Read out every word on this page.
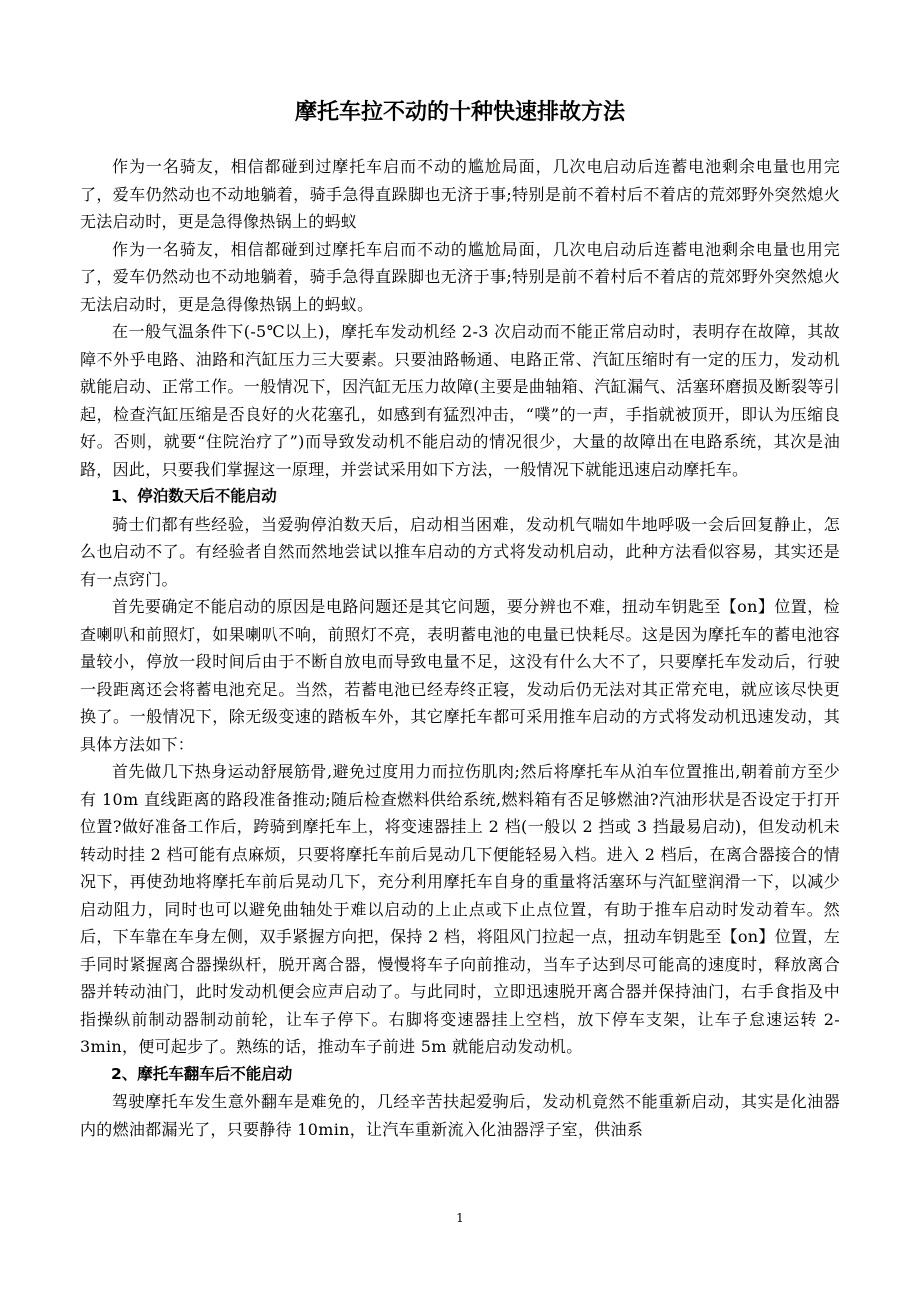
摩托车拉不动的十种快速排故方法

作为一名骑友，相信都碰到过摩托车启而不动的尴尬局面，几次电启动后连蓄电池剩余电量也用完了，爱车仍然动也不动地躺着，骑手急得直跺脚也无济于事;特别是前不着村后不着店的荒郊野外突然熄火无法启动时，更是急得像热锅上的蚂蚁

作为一名骑友，相信都碰到过摩托车启而不动的尴尬局面，几次电启动后连蓄电池剩余电量也用完了，爱车仍然动也不动地躺着，骑手急得直跺脚也无济于事;特别是前不着村后不着店的荒郊野外突然熄火无法启动时，更是急得像热锅上的蚂蚁。

在一般气温条件下(-5℃以上)，摩托车发动机经 2-3 次启动而不能正常启动时，表明存在故障，其故障不外乎电路、油路和汽缸压力三大要素。只要油路畅通、电路正常、汽缸压缩时有一定的压力，发动机就能启动、正常工作。一般情况下，因汽缸无压力故障(主要是曲轴箱、汽缸漏气、活塞环磨损及断裂等引起，检查汽缸压缩是否良好的火花塞孔，如感到有猛烈冲击，“噗”的一声，手指就被顶开，即认为压缩良好。否则，就要“住院治疗了”)而导致发动机不能启动的情况很少，大量的故障出在电路系统，其次是油路，因此，只要我们掌握这一原理，并尝试采用如下方法，一般情况下就能迅速启动摩托车。

1、停泊数天后不能启动

骑士们都有些经验，当爱驹停泊数天后，启动相当困难，发动机气喘如牛地呼吸一会后回复静止，怎么也启动不了。有经验者自然而然地尝试以推车启动的方式将发动机启动，此种方法看似容易，其实还是有一点窍门。

首先要确定不能启动的原因是电路问题还是其它问题，要分辨也不难，扭动车钥匙至【on】位置，检查喇叭和前照灯，如果喇叭不响，前照灯不亮，表明蓄电池的电量已快耗尽。这是因为摩托车的蓄电池容量较小，停放一段时间后由于不断自放电而导致电量不足，这没有什么大不了，只要摩托车发动后，行驶一段距离还会将蓄电池充足。当然，若蓄电池已经寿终正寝，发动后仍无法对其正常充电，就应该尽快更换了。一般情况下，除无级变速的踏板车外，其它摩托车都可采用推车启动的方式将发动机迅速发动，其具体方法如下：

首先做几下热身运动舒展筋骨,避免过度用力而拉伤肌肉;然后将摩托车从泊车位置推出,朝着前方至少有 10m 直线距离的路段准备推动;随后检查燃料供给系统,燃料箱有否足够燃油?汽油形状是否设定于打开位置?做好准备工作后，跨骑到摩托车上，将变速器挂上 2 档(一般以 2 挡或 3 挡最易启动)，但发动机未转动时挂 2 档可能有点麻烦，只要将摩托车前后晃动几下便能轻易入档。进入 2 档后，在离合器接合的情况下，再使劲地将摩托车前后晃动几下，充分利用摩托车自身的重量将活塞环与汽缸壁润滑一下，以减少启动阻力，同时也可以避免曲轴处于难以启动的上止点或下止点位置，有助于推车启动时发动着车。然后，下车靠在车身左侧，双手紧握方向把，保持 2 档，将阻风门拉起一点，扭动车钥匙至【on】位置，左手同时紧握离合器操纵杆，脱开离合器，慢慢将车子向前推动，当车子达到尽可能高的速度时，释放离合器并转动油门，此时发动机便会应声启动了。与此同时，立即迅速脱开离合器并保持油门，右手食指及中指操纵前制动器制动前轮，让车子停下。右脚将变速器挂上空档，放下停车支架，让车子怠速运转 2-3min，便可起步了。熟练的话，推动车子前进 5m 就能启动发动机。

2、摩托车翻车后不能启动

驾驶摩托车发生意外翻车是难免的，几经辛苦扶起爱驹后，发动机竟然不能重新启动，其实是化油器内的燃油都漏光了，只要静待 10min，让汽车重新流入化油器浮子室，供油系

1
